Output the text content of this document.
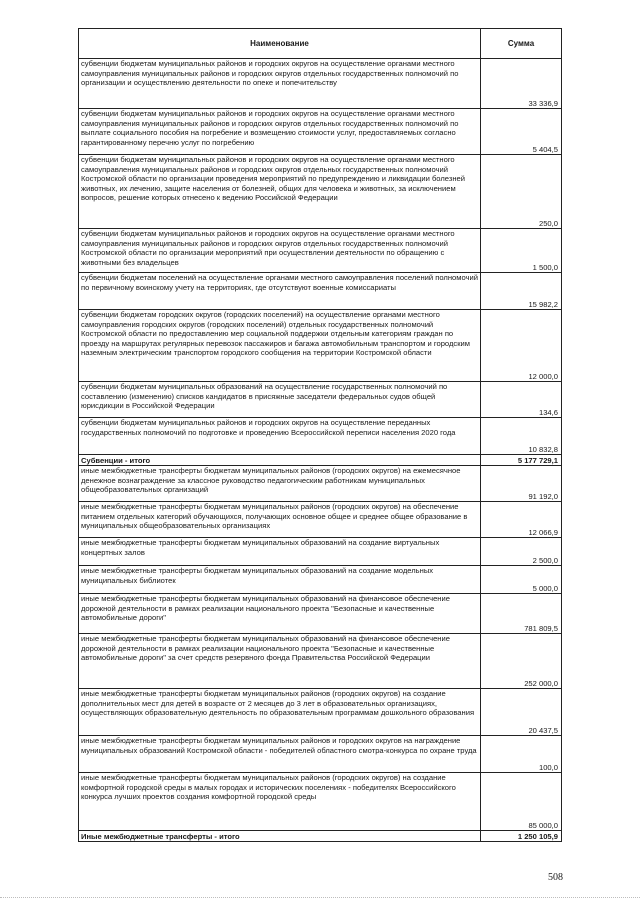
Наименование	Сумма
субвенции бюджетам муниципальных районов и городских округов на осуществление органами местного самоуправления муниципальных районов и городских округов отдельных государственных полномочий по организации и осуществлению деятельности по опеке и попечительству	33 336,9
субвенции бюджетам муниципальных районов и городских округов на осуществление органами местного самоуправления муниципальных районов и городских округов отдельных государственных полномочий по выплате социального пособия на погребение и возмещению стоимости услуг, предоставляемых согласно гарантированному перечню услуг по погребению	5 404,5
субвенции бюджетам муниципальных районов и городских округов на осуществление органами местного самоуправления муниципальных районов и городских округов отдельных государственных полномочий Костромской области по организации проведения мероприятий по предупреждению и ликвидации болезней животных, их лечению, защите населения от болезней, общих для человека и животных, за исключением вопросов, решение которых отнесено к ведению Российской Федерации	250,0
субвенции бюджетам муниципальных районов и городских округов на осуществление органами местного самоуправления муниципальных районов и городских округов отдельных государственных полномочий Костромской области по организации мероприятий при осуществлении деятельности по обращению с животными без владельцев	1 500,0
субвенции бюджетам поселений на осуществление органами местного самоуправления поселений полномочий по первичному воинскому учету на территориях, где отсутствуют военные комиссариаты	15 982,2
субвенции бюджетам городских округов (городских поселений) на осуществление органами местного самоуправления городских округов (городских поселений) отдельных государственных полномочий Костромской области по предоставлению мер социальной поддержки отдельным категориям граждан по проезду на маршрутах регулярных перевозок пассажиров и багажа автомобильным транспортом и городским наземным электрическим транспортом городского сообщения на территории Костромской области	12 000,0
субвенции бюджетам муниципальных образований на осуществление государственных полномочий по составлению (изменению) списков кандидатов в присяжные заседатели федеральных судов общей юрисдикции в Российской Федерации	134,6
субвенции бюджетам муниципальных районов и городских округов на осуществление переданных государственных полномочий по подготовке и проведению Всероссийской переписи населения 2020 года	10 832,8
Субвенции - итого	5 177 729,1
иные межбюджетные трансферты бюджетам муниципальных районов (городских округов) на ежемесячное денежное вознаграждение за классное руководство педагогическим работникам муниципальных общеобразовательных организаций	91 192,0
иные межбюджетные трансферты бюджетам муниципальных районов (городских округов) на обеспечение питанием отдельных категорий обучающихся, получающих основное общее и среднее общее образование в муниципальных общеобразовательных организациях	12 066,9
иные межбюджетные трансферты бюджетам муниципальных образований на создание виртуальных концертных залов	2 500,0
иные межбюджетные трансферты бюджетам муниципальных образований на создание модельных муниципальных библиотек	5 000,0
иные межбюджетные трансферты бюджетам муниципальных образований на финансовое обеспечение дорожной деятельности в рамках реализации национального проекта "Безопасные и качественные автомобильные дороги"	781 809,5
иные межбюджетные трансферты бюджетам муниципальных образований на финансовое обеспечение дорожной деятельности в рамках реализации национального проекта "Безопасные и качественные автомобильные дороги" за счет средств резервного фонда Правительства Российской Федерации	252 000,0
иные межбюджетные трансферты бюджетам муниципальных районов (городских округов) на создание дополнительных мест для детей в возрасте от 2 месяцев до 3 лет в образовательных организациях, осуществляющих образовательную деятельность по образовательным программам дошкольного образования	20 437,5
иные межбюджетные трансферты бюджетам муниципальных районов и городских округов на награждение муниципальных образований Костромской области - победителей областного смотра-конкурса по охране труда	100,0
иные межбюджетные трансферты бюджетам муниципальных районов (городских округов) на создание комфортной городской среды в малых городах и исторических поселениях - победителях Всероссийского конкурса лучших проектов создания комфортной городской среды	85 000,0
Иные межбюджетные трансферты - итого	1 250 105,9
508
